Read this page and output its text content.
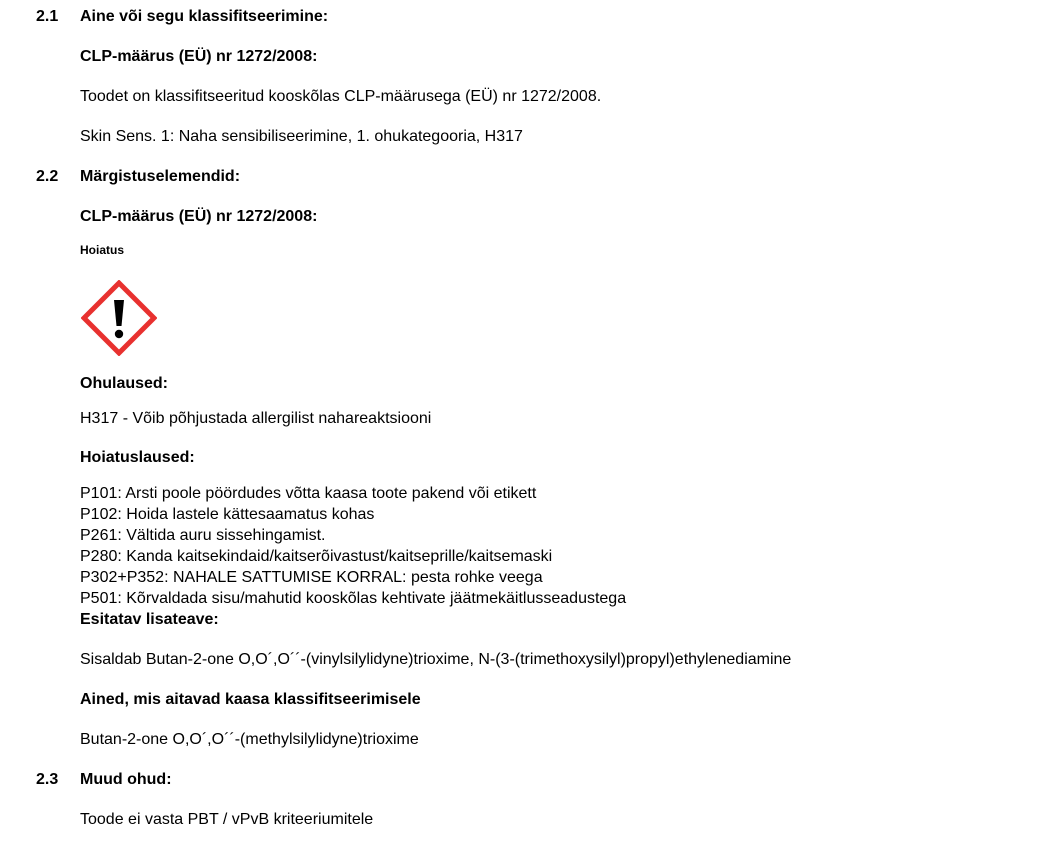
2.1 Aine või segu klassifitseerimine:
CLP-määrus (EÜ) nr 1272/2008:
Toodet on klassifitseeritud kooskõlas CLP-määrusega (EÜ) nr 1272/2008.
Skin Sens. 1: Naha sensibiliseerimine, 1. ohukategooria, H317
2.2 Märgistuselemendid:
CLP-määrus (EÜ) nr 1272/2008:
Hoiatus
Ohulaused:
H317 - Võib põhjustada allergilist nahareaktsiooni
Hoiatuslaused:
P101: Arsti poole pöördudes võtta kaasa toote pakend või etikett
P102: Hoida lastele kättesaamatus kohas
P261: Vältida auru sissehingamist.
P280: Kanda kaitsekindaid/kaitserõivastust/kaitseprille/kaitsemaski
P302+P352: NAHALE SATTUMISE KORRAL: pesta rohke veega
P501: Kõrvaldada sisu/mahutid kooskõlas kehtivate jäätmekäitlusseadustega
Esitatav lisateave:
Sisaldab Butan-2-one O,O´,O´´-(vinylsilylidyne)trioxime, N-(3-(trimethoxysilyl)propyl)ethylenediamine
Ained, mis aitavad kaasa klassifitseerimisele
Butan-2-one O,O´,O´´-(methylsilylidyne)trioxime
2.3 Muud ohud:
Toode ei vasta PBT / vPvB kriteeriumitele
